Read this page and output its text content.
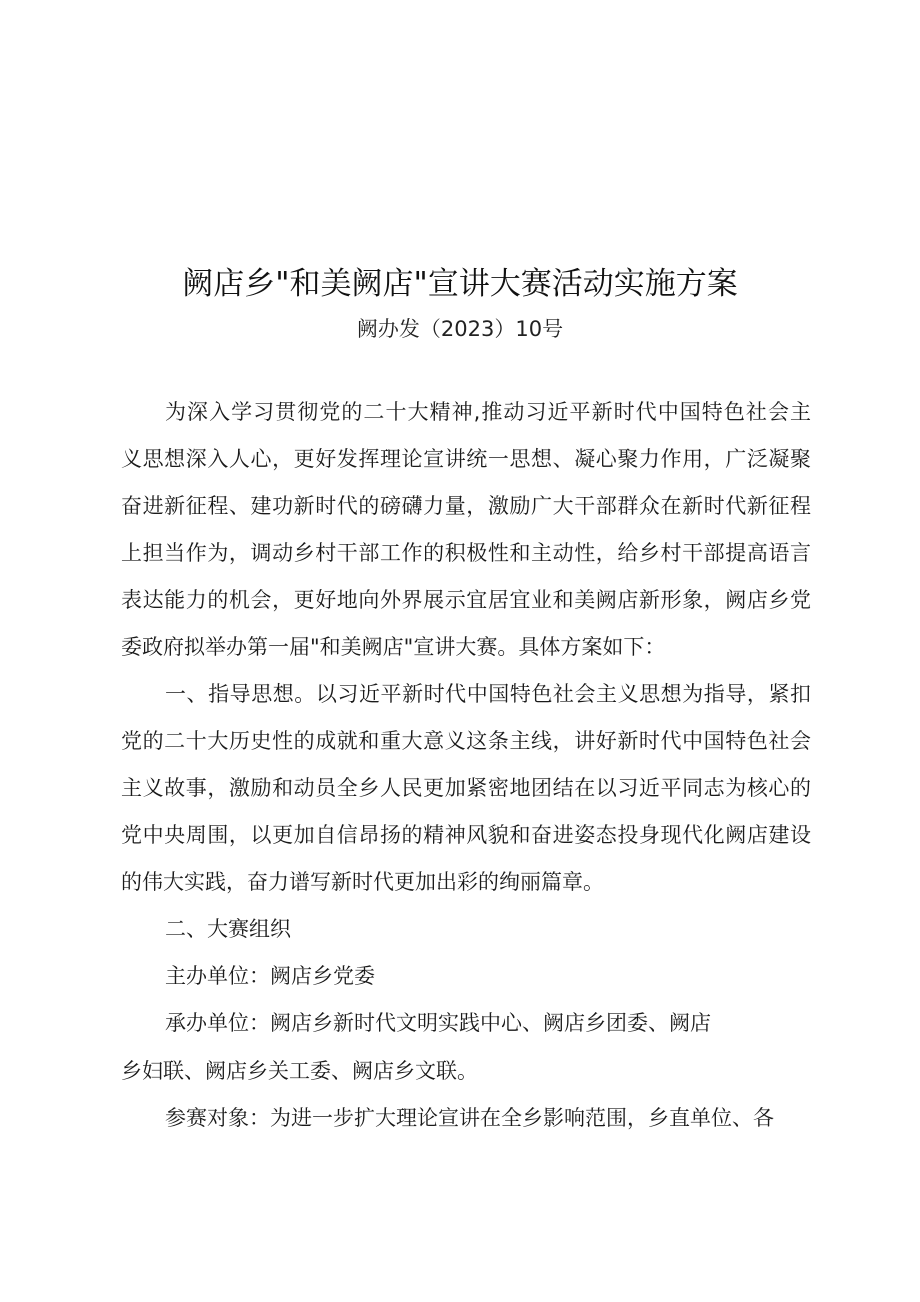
阙店乡"和美阙店"宣讲大赛活动实施方案
阙办发（2023）10号
为深入学习贯彻党的二十大精神,推动习近平新时代中国特色社会主
义思想深入人心，更好发挥理论宣讲统一思想、凝心聚力作用，广泛凝聚
奋进新征程、建功新时代的磅礴力量，激励广大干部群众在新时代新征程
上担当作为，调动乡村干部工作的积极性和主动性，给乡村干部提高语言
表达能力的机会，更好地向外界展示宜居宜业和美阙店新形象，阙店乡党
委政府拟举办第一届"和美阙店"宣讲大赛。具体方案如下：
一、指导思想。以习近平新时代中国特色社会主义思想为指导，紧扣
党的二十大历史性的成就和重大意义这条主线，讲好新时代中国特色社会
主义故事，激励和动员全乡人民更加紧密地团结在以习近平同志为核心的
党中央周围，以更加自信昂扬的精神风貌和奋进姿态投身现代化阙店建设
的伟大实践，奋力谱写新时代更加出彩的绚丽篇章。
二、大赛组织
主办单位：阙店乡党委
承办单位：阙店乡新时代文明实践中心、阙店乡团委、阙店
乡妇联、阙店乡关工委、阙店乡文联。
参赛对象：为进一步扩大理论宣讲在全乡影响范围，乡直单位、各
